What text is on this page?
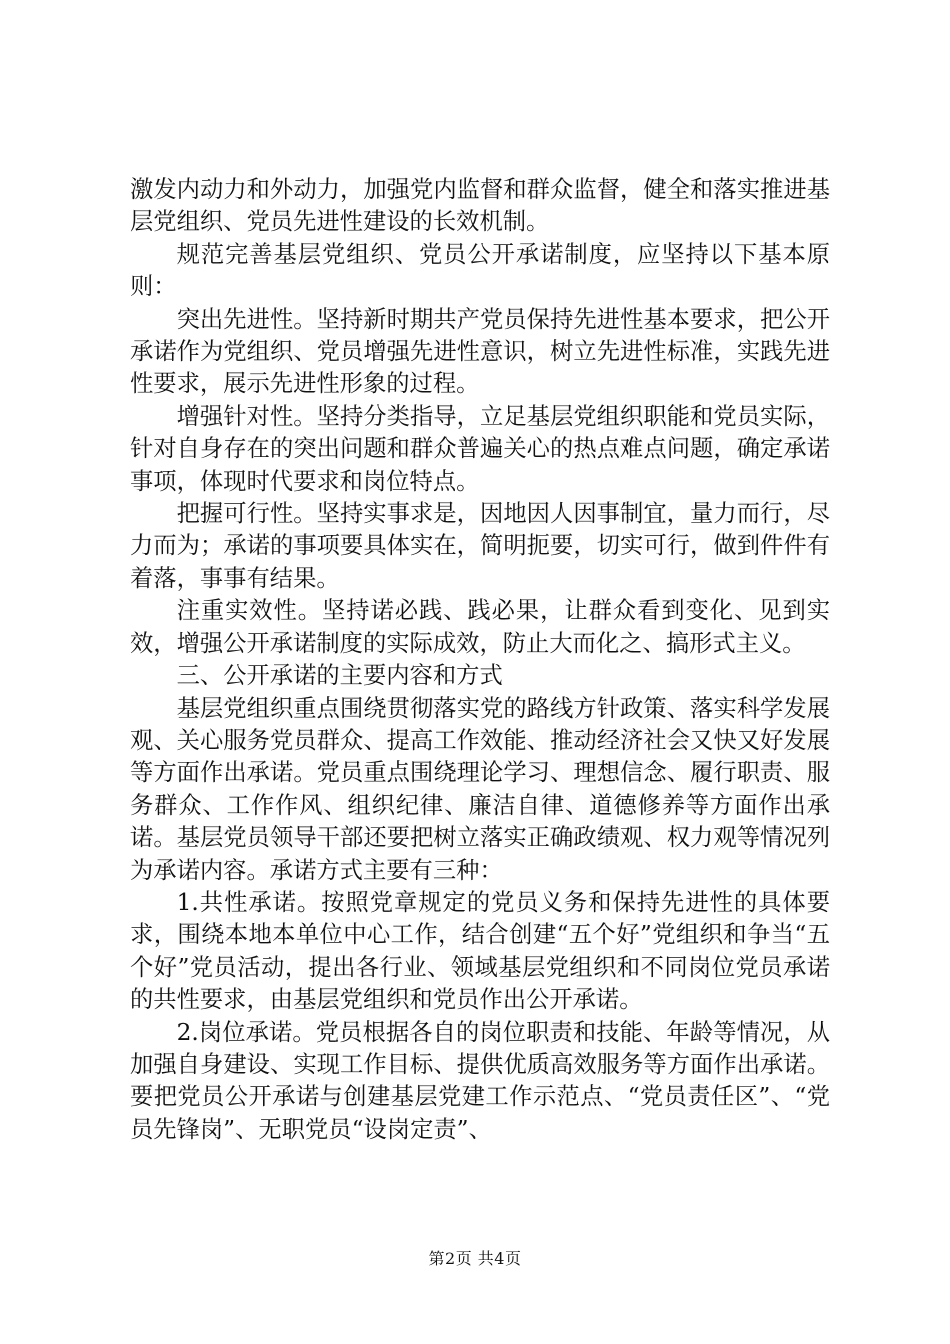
激发内动力和外动力，加强党内监督和群众监督，健全和落实推进基层党组织、党员先进性建设的长效机制。

规范完善基层党组织、党员公开承诺制度，应坚持以下基本原则：

突出先进性。坚持新时期共产党员保持先进性基本要求，把公开承诺作为党组织、党员增强先进性意识，树立先进性标准，实践先进性要求，展示先进性形象的过程。

增强针对性。坚持分类指导，立足基层党组织职能和党员实际，针对自身存在的突出问题和群众普遍关心的热点难点问题，确定承诺事项，体现时代要求和岗位特点。

把握可行性。坚持实事求是，因地因人因事制宜，量力而行，尽力而为；承诺的事项要具体实在，简明扼要，切实可行，做到件件有着落，事事有结果。

注重实效性。坚持诺必践、践必果，让群众看到变化、见到实效，增强公开承诺制度的实际成效，防止大而化之、搞形式主义。

三、公开承诺的主要内容和方式

基层党组织重点围绕贯彻落实党的路线方针政策、落实科学发展观、关心服务党员群众、提高工作效能、推动经济社会又快又好发展等方面作出承诺。党员重点围绕理论学习、理想信念、履行职责、服务群众、工作作风、组织纪律、廉洁自律、道德修养等方面作出承诺。基层党员领导干部还要把树立落实正确政绩观、权力观等情况列为承诺内容。承诺方式主要有三种：

1.共性承诺。按照党章规定的党员义务和保持先进性的具体要求，围绕本地本单位中心工作，结合创建“五个好”党组织和争当“五个好”党员活动，提出各行业、领域基层党组织和不同岗位党员承诺的共性要求，由基层党组织和党员作出公开承诺。

2.岗位承诺。党员根据各自的岗位职责和技能、年龄等情况，从加强自身建设、实现工作目标、提供优质高效服务等方面作出承诺。要把党员公开承诺与创建基层党建工作示范点、“党员责任区”、“党员先锋岗”、无职党员“设岗定责”、

第2页 共4页
